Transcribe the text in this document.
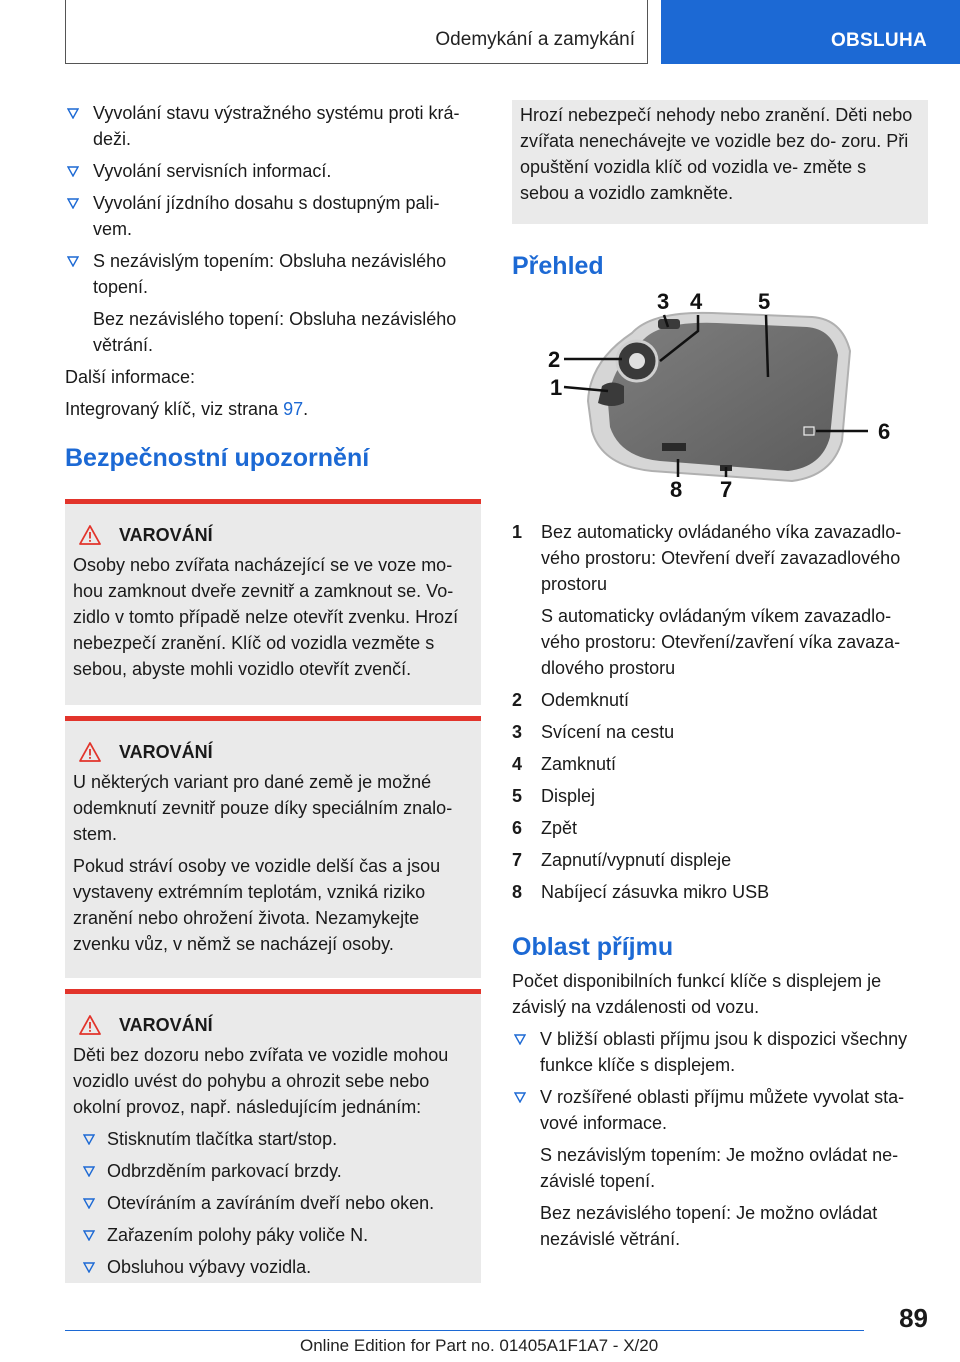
Odemykání a zamykání	OBSLUHA
Vyvolání stavu výstražného systému proti krá‑ deži.
Vyvolání servisních informací.
Vyvolání jízdního dosahu s dostupným pali‑ vem.
S nezávislým topením: Obsluha nezávislého topení.
Bez nezávislého topení: Obsluha nezávislého větrání.
Další informace:
Integrovaný klíč, viz strana 97.
Bezpečnostní upozornění
VAROVÁNÍ
Osoby nebo zvířata nacházející se ve voze mo‑ hou zamknout dveře zevnitř a zamknout se. Vo‑ zidlo v tomto případě nelze otevřít zvenku. Hrozí nebezpečí zranění. Klíč od vozidla vezměte s sebou, abyste mohli vozidlo otevřít zvenčí.
VAROVÁNÍ
U některých variant pro dané země je možné odemknutí zevnitř pouze díky speciálním znalo‑ stem.
Pokud stráví osoby ve vozidle delší čas a jsou vystaveny extrémním teplotám, vzniká riziko zranění nebo ohrožení života. Nezamykejte zvenku vůz, v němž se nacházejí osoby.
VAROVÁNÍ
Děti bez dozoru nebo zvířata ve vozidle mohou vozidlo uvést do pohybu a ohrozit sebe nebo okolní provoz, např. následujícím jednáním:
Stisknutím tlačítka start/stop.
Odbrzděním parkovací brzdy.
Otevíráním a zavíráním dveří nebo oken.
Zařazením polohy páky voliče N.
Obsluhou výbavy vozidla.
Hrozí nebezpečí nehody nebo zranění. Děti nebo zvířata nenechávejte ve vozidle bez do‑ zoru. Při opuštění vozidla klíč od vozidla ve‑ změte s sebou a vozidlo zamkněte.
Přehled
1
2
3 4	5
6
7
8
1 Bez automaticky ovládaného víka zavazadlo‑ vého prostoru: Otevření dveří zavazadlového prostoru
S automaticky ovládaným víkem zavazadlo‑ vého prostoru: Otevření/zavření víka zavaza‑ dlového prostoru
2 Odemknutí
3 Svícení na cestu
4 Zamknutí
5 Displej
6 Zpět
7 Zapnutí/vypnutí displeje
8 Nabíjecí zásuvka mikro USB
Oblast příjmu
Počet disponibilních funkcí klíče s displejem je závislý na vzdálenosti od vozu.
V bližší oblasti příjmu jsou k dispozici všechny funkce klíče s displejem.
V rozšířené oblasti příjmu můžete vyvolat sta‑ vové informace.
S nezávislým topením: Je možno ovládat ne‑ závislé topení.
Bez nezávislého topení: Je možno ovládat nezávislé větrání.
89
Online Edition for Part no. 01405A1F1A7 - X/20
